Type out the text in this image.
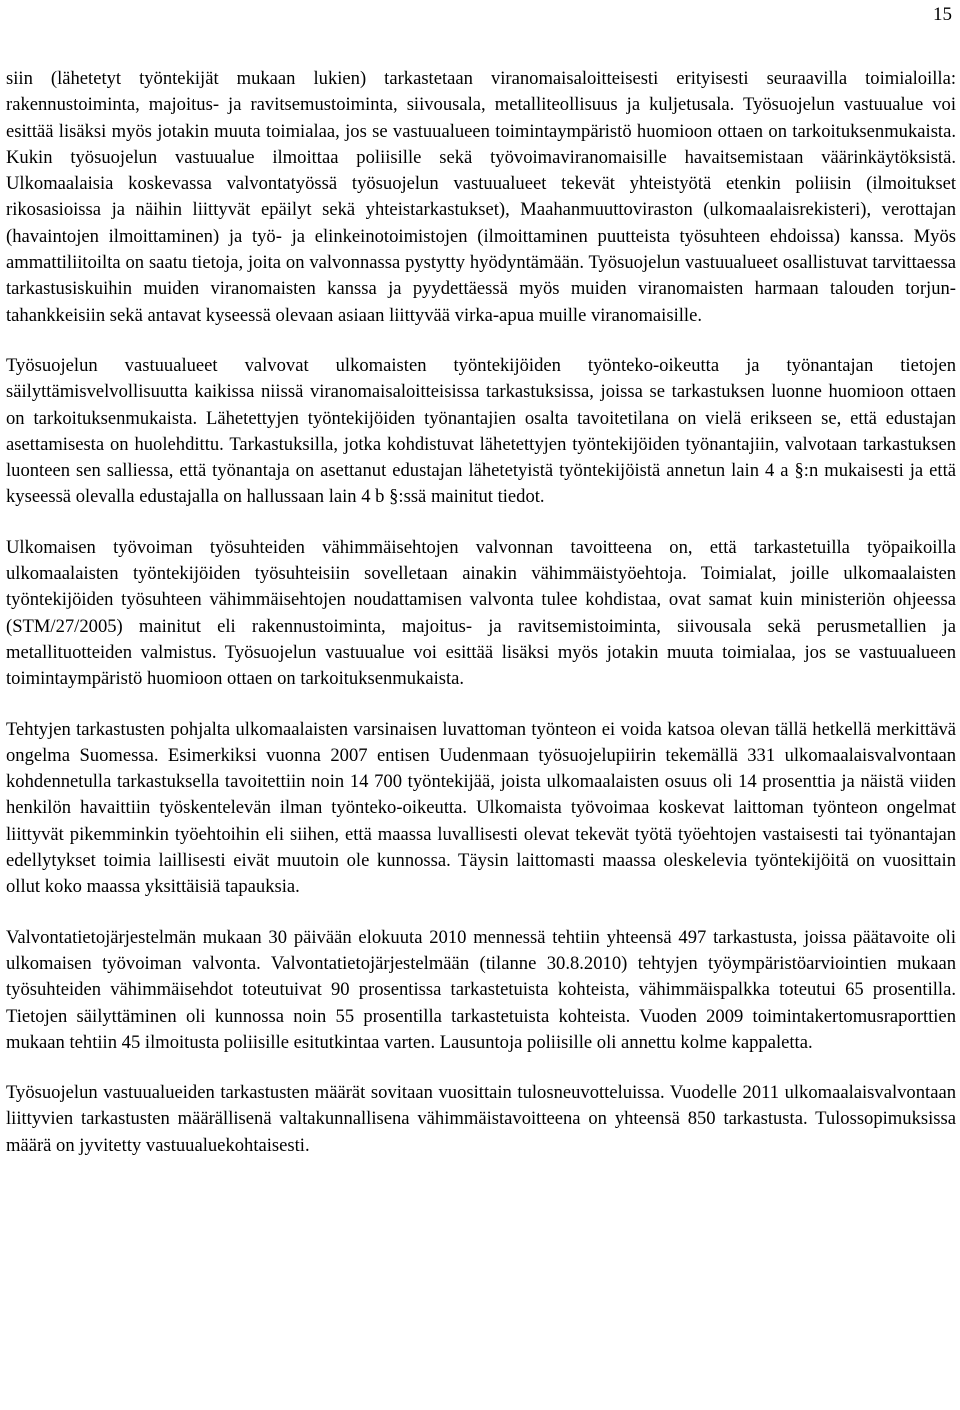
15

siin (lähetetyt työntekijät mukaan lukien) tarkastetaan viranomaisaloitteisesti erityisesti seuraavilla toimialoilla: rakennustoiminta, majoitus- ja ravitsemustoiminta, siivousala, metalliteollisuus ja kuljetusala. Työsuojelun vastuualue voi esittää lisäksi myös jotakin muuta toimialaa, jos se vastuualueen toimintaympäristö huomioon ottaen on tarkoituksenmukaista. Kukin työsuojelun vastuualue ilmoittaa poliisille sekä työvoimaviranomaisille havaitsemistaan väärinkäytöksistä. Ulkomaalaisia koskevassa valvontatyössä työsuojelun vastuualueet tekevät yhteistyötä etenkin poliisin (ilmoitukset rikosasioissa ja näihin liittyvät epäilyt sekä yhteistarkastukset), Maahanmuuttoviraston (ulkomaalaisrekisteri), verottajan (havaintojen ilmoittaminen) ja työ- ja elinkeinotoimistojen (ilmoittaminen puutteista työsuhteen ehdoissa) kanssa. Myös ammattiliitoilta on saatu tietoja, joita on valvonnassa pystytty hyödyntämään. Työsuojelun vastuualueet osallistuvat tarvittaessa tarkastusiskuihin muiden viranomaisten kanssa ja pyydettäessä myös muiden viranomaisten harmaan talouden torjuntahankkeisiin sekä antavat kyseessä olevaan asiaan liittyvää virka-apua muille viranomaisille.

Työsuojelun vastuualueet valvovat ulkomaisten työntekijöiden työnteko-oikeutta ja työnantajan tietojen säilyttämisvelvollisuutta kaikissa niissä viranomaisaloitteisissa tarkastuksissa, joissa se tarkastuksen luonne huomioon ottaen on tarkoituksenmukaista. Lähetettyjen työntekijöiden työnantajien osalta tavoitetilana on vielä erikseen se, että edustajan asettamisesta on huolehdittu. Tarkastuksilla, jotka kohdistuvat lähetettyjen työntekijöiden työnantajiin, valvotaan tarkastuksen luonteen sen salliessa, että työnantaja on asettanut edustajan lähetetyistä työntekijöistä annetun lain 4 a §:n mukaisesti ja että kyseessä olevalla edustajalla on hallussaan lain 4 b §:ssä mainitut tiedot.

Ulkomaisen työvoiman työsuhteiden vähimmäisehtojen valvonnan tavoitteena on, että tarkastetuilla työpaikoilla ulkomaalaisten työntekijöiden työsuhteisiin sovelletaan ainakin vähimmäistyöehtoja. Toimialat, joille ulkomaalaisten työntekijöiden työsuhteen vähimmäisehtojen noudattamisen valvonta tulee kohdistaa, ovat samat kuin ministeriön ohjeessa (STM/27/2005) mainitut eli rakennustoiminta, majoitus- ja ravitsemistoiminta, siivousala sekä perusmetallien ja metallituotteiden valmistus. Työsuojelun vastuualue voi esittää lisäksi myös jotakin muuta toimialaa, jos se vastuualueen toimintaympäristö huomioon ottaen on tarkoituksenmukaista.

Tehtyjen tarkastusten pohjalta ulkomaalaisten varsinaisen luvattoman työnteon ei voida katsoa olevan tällä hetkellä merkittävä ongelma Suomessa. Esimerkiksi vuonna 2007 entisen Uudenmaan työsuojelupiirin tekemällä 331 ulkomaalaisvalvontaan kohdennetulla tarkastuksella tavoitettiin noin 14 700 työntekijää, joista ulkomaalaisten osuus oli 14 prosenttia ja näistä viiden henkilön havaittiin työskentelevän ilman työnteko-oikeutta. Ulkomaista työvoimaa koskevat laittoman työnteon ongelmat liittyvät pikemminkin työehtoihin eli siihen, että maassa luvallisesti olevat tekevät työtä työehtojen vastaisesti tai työnantajan edellytykset toimia laillisesti eivät muutoin ole kunnossa. Täysin laittomasti maassa oleskelevia työntekijöitä on vuosittain ollut koko maassa yksittäisiä tapauksia.

Valvontatietojärjestelmän mukaan 30 päivään elokuuta 2010 mennessä tehtiin yhteensä 497 tarkastusta, joissa päätavoite oli ulkomaisen työvoiman valvonta. Valvontatietojärjestelmään (tilanne 30.8.2010) tehtyjen työympäristöarviointien mukaan työsuhteiden vähimmäisehdot toteutuivat 90 prosentissa tarkastetuista kohteista, vähimmäispalkka toteutui 65 prosentilla. Tietojen säilyttäminen oli kunnossa noin 55 prosentilla tarkastetuista kohteista. Vuoden 2009 toimintakertomusraporttien mukaan tehtiin 45 ilmoitusta poliisille esitutkintaa varten. Lausuntoja poliisille oli annettu kolme kappaletta.

Työsuojelun vastuualueiden tarkastusten määrät sovitaan vuosittain tulosneuvotteluissa. Vuodelle 2011 ulkomaalaisvalvontaan liittyvien tarkastusten määrällisenä valtakunnallisena vähimmäistavoitteena on yhteensä 850 tarkastusta. Tulossopimuksissa määrä on jyvitetty vastuualuekohtaisesti.
